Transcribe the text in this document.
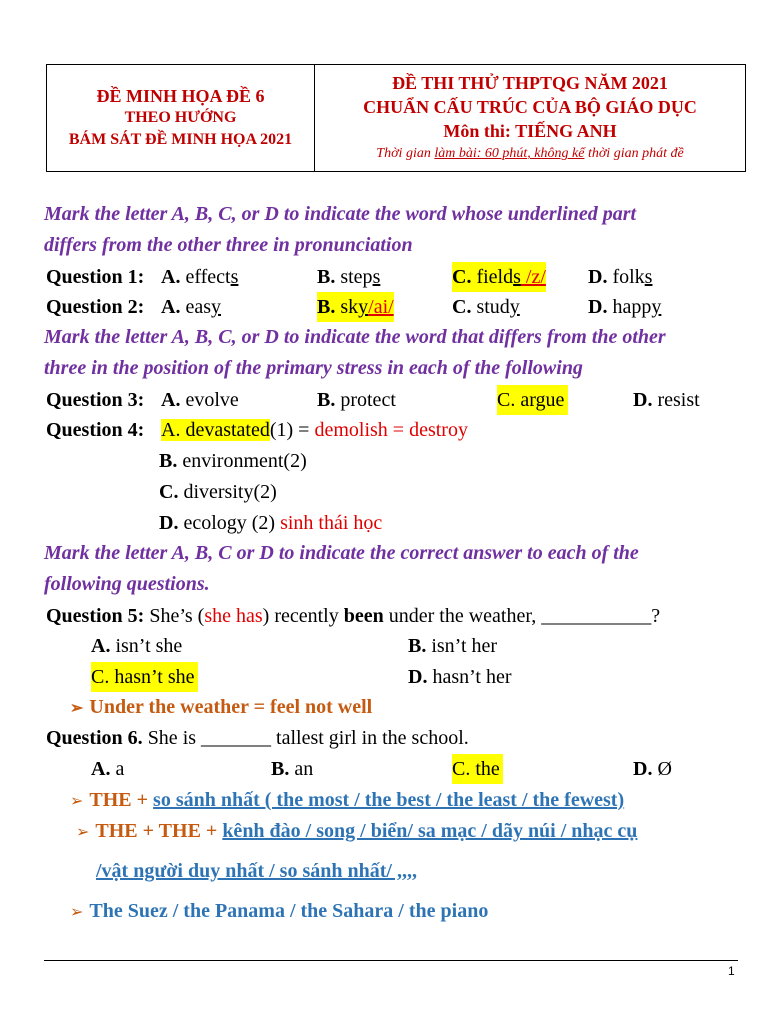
ĐỀ MINH HỌA ĐỀ 6
THEO HƯỚNG
BÁM SÁT ĐỀ MINH HỌA 2021

ĐỀ THI THỬ THPTQG NĂM 2021
CHUẨN CẤU TRÚC CỦA BỘ GIÁO DỤC
Môn thi: TIẾNG ANH
Thời gian làm bài: 60 phút, không kể thời gian phát đề
Mark the letter A, B, C, or D to indicate the word whose underlined part
differs from the other three in pronunciation
Question 1: A. effects	B. steps	C. fields /z/ D. folks
Question 2: A. easy	B. sky/ai/	C. study	D. happy
Mark the letter A, B, C, or D to indicate the word that differs from the other
three in the position of the primary stress in each of the following
Question 3: A. evolve	B. protect	C. argue	D. resist
Question 4: A. devastated(1) = demolish = destroy
B. environment(2)
C. diversity(2)
D. ecology (2) sinh thái học
Mark the letter A, B, C or D to indicate the correct answer to each of the
following questions.
Question 5: She’s (she has) recently been under the weather, ___________?
A. isn’t she	B. isn’t her
C. hasn’t she	D. hasn’t her
➢ Under the weather = feel not well
Question 6. She is _______ tallest girl in the school.
A. a	B. an	C. the	D. Ø
➢ THE + so sánh nhất ( the most / the best / the least / the fewest)
➢ THE + THE + kênh đào / song / biển/ sa mạc / dãy núi / nhạc cụ
/vật người duy nhất / so sánh nhất/ ,,,,
➢ The Suez / the Panama / the Sahara / the piano
1
